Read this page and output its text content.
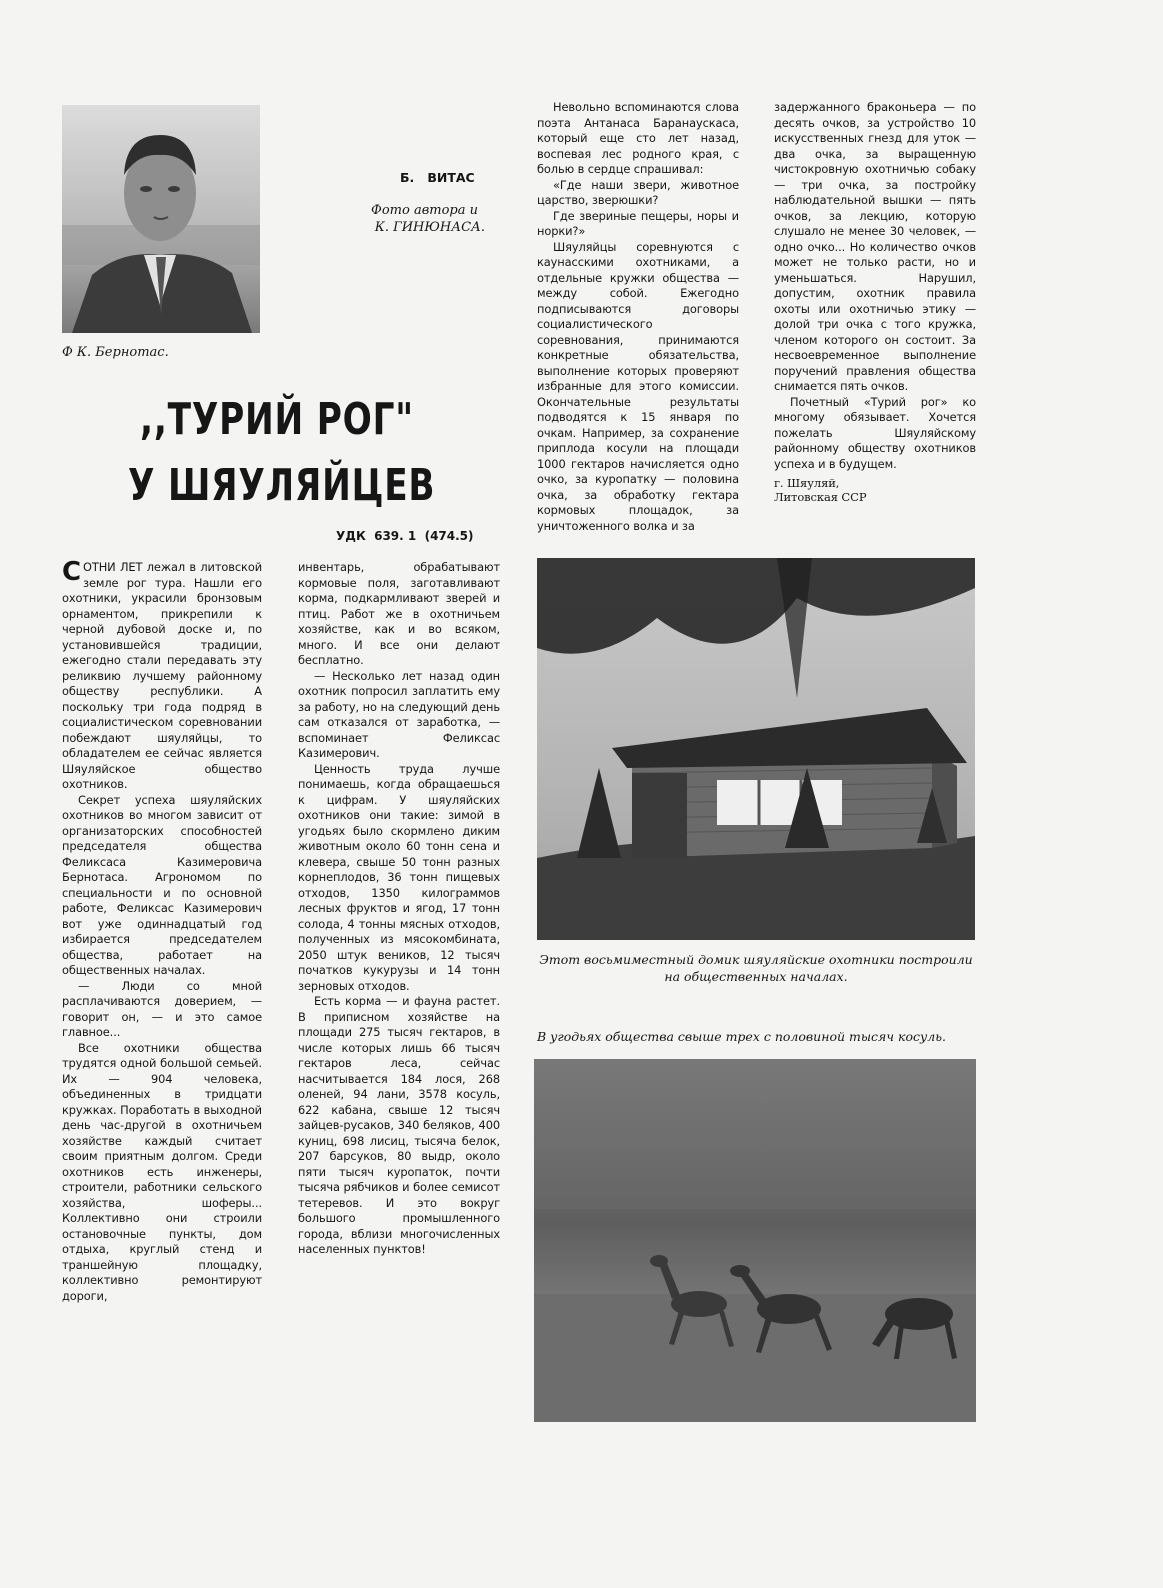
Ф К. Бернотас.
Б.   ВИТАС
Фото автора и
К. ГИНЮНАСА.
,,ТУРИЙ РОГ"
У ШЯУЛЯЙЦЕВ
УДК  639. 1  (474.5)

СОТНИ ЛЕТ лежал в литовской земле рог тура. Нашли его охотники, украсили бронзовым орнаментом, прикрепили к черной дубовой доске и, по установившейся традиции, ежегодно стали передавать эту реликвию лучшему районному обществу республики. А поскольку три года подряд в социалистическом соревновании побеждают шяуляйцы, то обладателем ее сейчас является Шяуляйское общество охотников.

Секрет успеха шяуляйских охотников во многом зависит от организаторских способностей председателя общества Феликсаса Казимеровича Бернотаса. Агрономом по специальности и по основной работе, Феликсас Казимерович вот уже одиннадцатый год избирается председателем общества, работает на общественных началах.

— Люди со мной расплачиваются доверием, — говорит он, — и это самое главное...

Все охотники общества трудятся одной большой семьей. Их — 904 человека, объединенных в тридцати кружках. Поработать в выходной день час-другой в охотничьем хозяйстве каждый считает своим приятным долгом. Среди охотников есть инженеры, строители, работники сельского хозяйства, шоферы... Коллективно они строили остановочные пункты, дом отдыха, круглый стенд и траншейную площадку, коллективно ремонтируют дороги,

инвентарь, обрабатывают кормовые поля, заготавливают корма, подкармливают зверей и птиц. Работ же в охотничьем хозяйстве, как и во всяком, много. И все они делают бесплатно.

— Несколько лет назад один охотник попросил заплатить ему за работу, но на следующий день сам отказался от заработка, — вспоминает Феликсас Казимерович.

Ценность труда лучше понимаешь, когда обращаешься к цифрам. У шяуляйских охотников они такие: зимой в угодьях было скормлено диким животным около 60 тонн сена и клевера, свыше 50 тонн разных корнеплодов, 36 тонн пищевых отходов, 1350 килограммов лесных фруктов и ягод, 17 тонн солода, 4 тонны мясных отходов, полученных из мясокомбината, 2050 штук веников, 12 тысяч початков кукурузы и 14 тонн зерновых отходов.

Есть корма — и фауна растет. В приписном хозяйстве на площади 275 тысяч гектаров, в числе которых лишь 66 тысяч гектаров леса, сейчас насчитывается 184 лося, 268 оленей, 94 лани, 3578 косуль, 622 кабана, свыше 12 тысяч зайцев-русаков, 340 беляков, 400 куниц, 698 лисиц, тысяча белок, 207 барсуков, 80 выдр, около пяти тысяч куропаток, почти тысяча рябчиков и более семисот тетеревов. И это вокруг большого промышленного города, вблизи многочисленных населенных пунктов!

Невольно вспоминаются слова поэта Антанаса Баранаускаса, который еще сто лет назад, воспевая лес родного края, с болью в сердце спрашивал:

«Где наши звери, животное царство, зверюшки?

Где звериные пещеры, норы и норки?»

Шяуляйцы соревнуются с каунасскими охотниками, а отдельные кружки общества — между собой. Ежегодно подписываются договоры социалистического соревнования, принимаются конкретные обязательства, выполнение которых проверяют избранные для этого комиссии. Окончательные результаты подводятся к 15 января по очкам. Например, за сохранение приплода косули на площади 1000 гектаров начисляется одно очко, за куропатку — половина очка, за обработку гектара кормовых площадок, за уничтоженного волка и за

задержанного браконьера — по десять очков, за устройство 10 искусственных гнезд для уток — два очка, за выращенную чистокровную охотничью собаку — три очка, за постройку наблюдательной вышки — пять очков, за лекцию, которую слушало не менее 30 человек, — одно очко... Но количество очков может не только расти, но и уменьшаться. Нарушил, допустим, охотник правила охоты или охотничью этику — долой три очка с того кружка, членом которого он состоит. За несвоевременное выполнение поручений правления общества снимается пять очков.

Почетный «Турий рог» ко многому обязывает. Хочется пожелать Шяуляйскому районному обществу охотников успеха и в будущем.

г. Шяуляй,
Литовская ССР
Этот восьмиместный домик шяуляйские охотники построили
на общественных началах.
В угодьях общества свыше трех с половиной тысяч косуль.
